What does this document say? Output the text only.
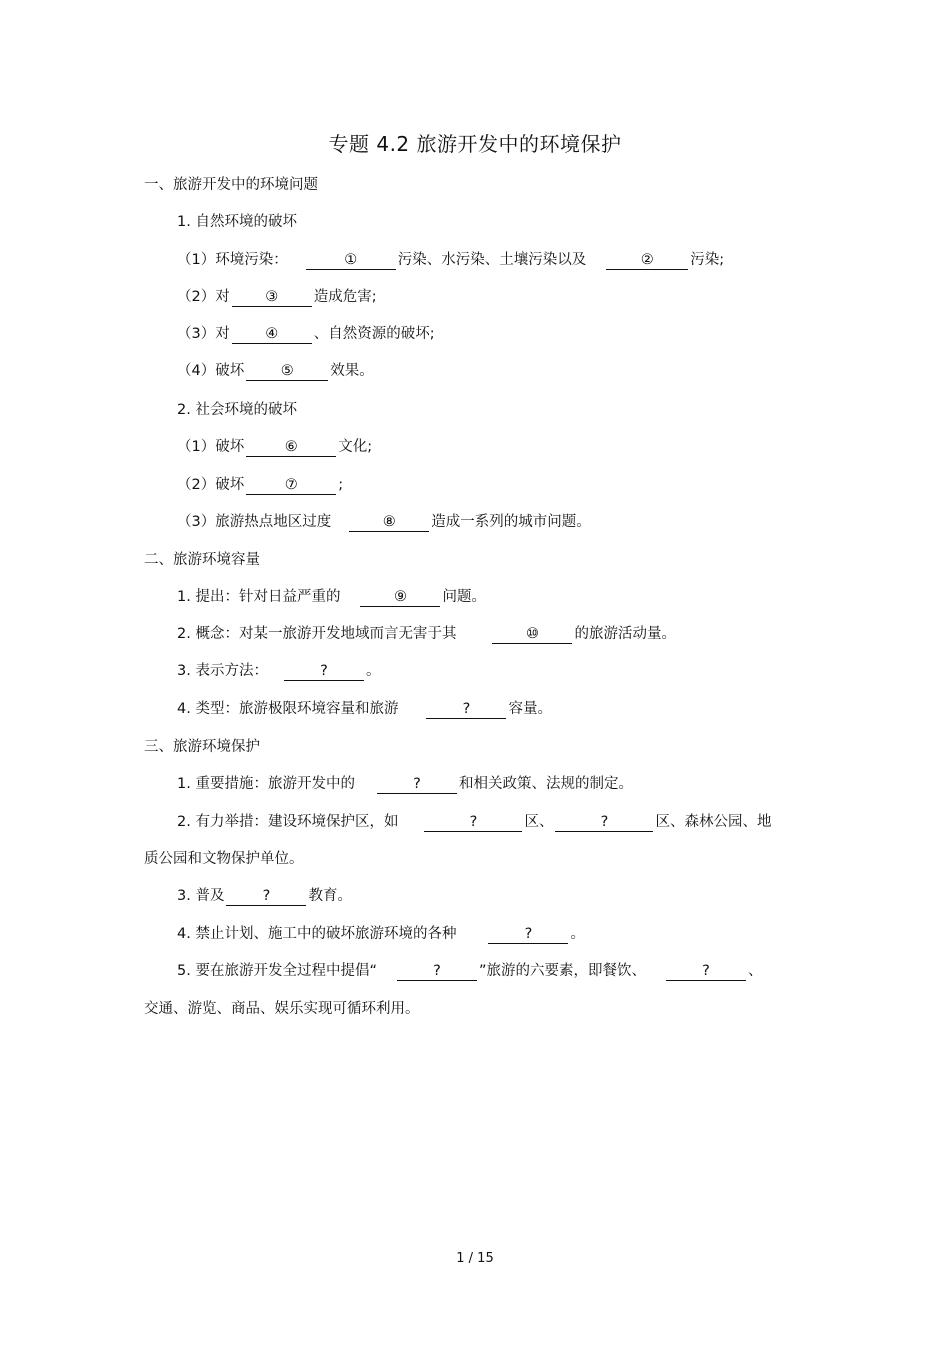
专题 4.2 旅游开发中的环境保护
一、旅游开发中的环境问题
1. 自然环境的破坏
（1）环境污染：	①	污染、水污染、土壤污染以及	②	污染;
（2）对 ③ 造成危害;
（3）对 ④ 、自然资源的破坏;
（4）破坏	⑤	效果。
2. 社会环境的破坏
（1）破坏	⑥	文化;
（2）破坏	⑦	;
（3）旅游热点地区过度	⑧ 造成一系列的城市问题。
二、旅游环境容量
1. 提出：针对日益严重的	⑨ 问题。
2. 概念：对某一旅游开发地域而言无害于其	⑩ 的旅游活动量。
3. 表示方法：	?	。
4. 类型：旅游极限环境容量和旅游	?	容量。
三、旅游环境保护
1. 重要措施：旅游开发中的	?	和相关政策、法规的制定。
2. 有力举措：建设环境保护区，如	?	区、	?	区、森林公园、地
质公园和文物保护单位。
3. 普及	?	教育。
4. 禁止计划、施工中的破坏旅游环境的各种	?	。
5. 要在旅游开发全过程中提倡“	?	”旅游的六要素，即餐饮、	?	、
交通、游览、商品、娱乐实现可循环利用。
1 / 15
